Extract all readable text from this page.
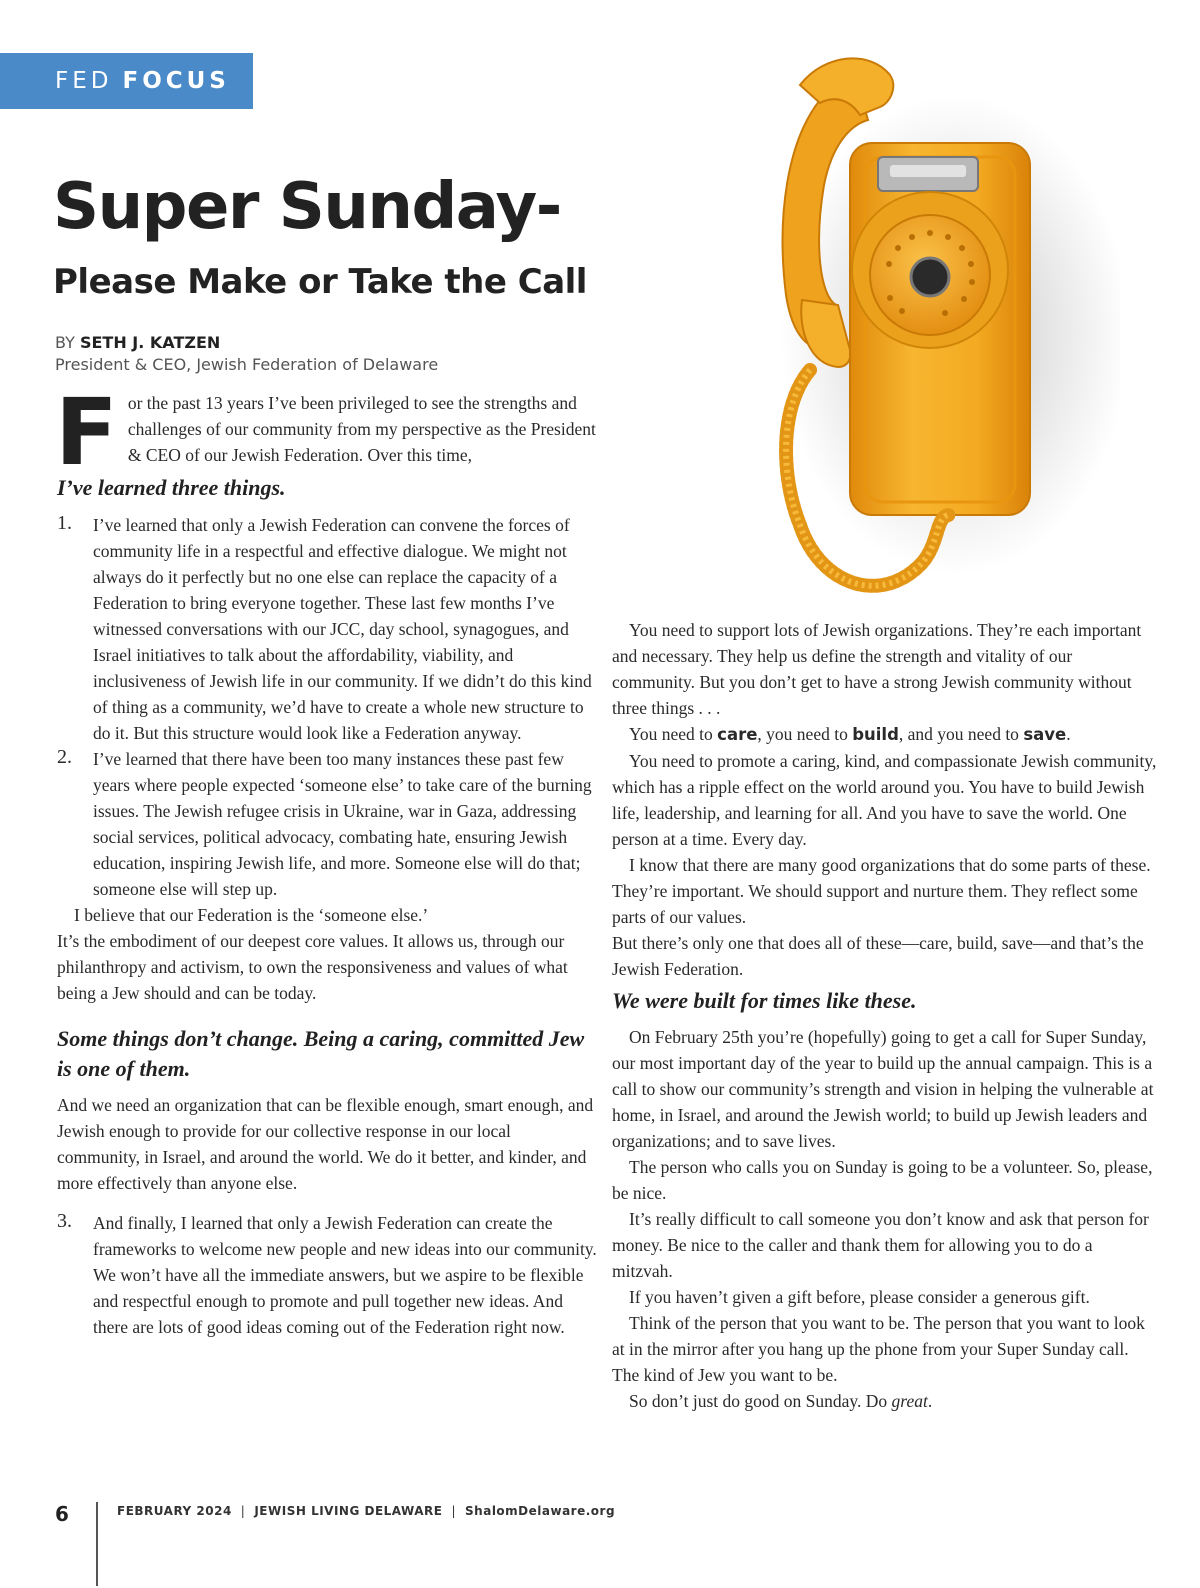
FED FOCUS
Super Sunday-
Please Make or Take the Call
BY SETH J. KATZEN
President & CEO, Jewish Federation of Delaware

For the past 13 years I’ve been privileged to see the strengths and challenges of our community from my perspective as the President & CEO of our Jewish Federation. Over this time,

I’ve learned three things.

1. I’ve learned that only a Jewish Federation can convene the forces of community life in a respectful and effective dialogue. We might not always do it perfectly but no one else can replace the capacity of a Federation to bring everyone together. These last few months I’ve witnessed conversations with our JCC, day school, synagogues, and Israel initiatives to talk about the affordability, viability, and inclusiveness of Jewish life in our community. If we didn’t do this kind of thing as a community, we’d have to create a whole new structure to do it. But this structure would look like a Federation anyway.
2. I’ve learned that there have been too many instances these past few years where people expected ‘someone else’ to take care of the burning issues. The Jewish refugee crisis in Ukraine, war in Gaza, addressing social services, political advocacy, combating hate, ensuring Jewish education, inspiring Jewish life, and more. Someone else will do that; someone else will step up.

I believe that our Federation is the ‘someone else.’

It’s the embodiment of our deepest core values. It allows us, through our philanthropy and activism, to own the responsiveness and values of what being a Jew should and can be today.

Some things don’t change. Being a caring, committed Jew is one of them.

And we need an organization that can be flexible enough, smart enough, and Jewish enough to provide for our collective response in our local community, in Israel, and around the world. We do it better, and kinder, and more effectively than anyone else.

3. And finally, I learned that only a Jewish Federation can create the frameworks to welcome new people and new ideas into our community. We won’t have all the immediate answers, but we aspire to be flexible and respectful enough to promote and pull together new ideas. And there are lots of good ideas coming out of the Federation right now.

You need to support lots of Jewish organizations. They’re each important and necessary. They help us define the strength and vitality of our community. But you don’t get to have a strong Jewish community without three things . . .

You need to care, you need to build, and you need to save.

You need to promote a caring, kind, and compassionate Jewish community, which has a ripple effect on the world around you. You have to build Jewish life, leadership, and learning for all. And you have to save the world. One person at a time. Every day.

I know that there are many good organizations that do some parts of these. They’re important. We should support and nurture them. They reflect some parts of our values.

But there’s only one that does all of these—care, build, save—and that’s the Jewish Federation.

We were built for times like these.

On February 25th you’re (hopefully) going to get a call for Super Sunday, our most important day of the year to build up the annual campaign. This is a call to show our community’s strength and vision in helping the vulnerable at home, in Israel, and around the Jewish world; to build up Jewish leaders and organizations; and to save lives.

The person who calls you on Sunday is going to be a volunteer. So, please, be nice.

It’s really difficult to call someone you don’t know and ask that person for money. Be nice to the caller and thank them for allowing you to do a mitzvah.

If you haven’t given a gift before, please consider a generous gift.

Think of the person that you want to be. The person that you want to look at in the mirror after you hang up the phone from your Super Sunday call. The kind of Jew you want to be.

So don’t just do good on Sunday. Do great.

6	FEBRUARY 2024 | JEWISH LIVING DELAWARE | ShalomDelaware.org
